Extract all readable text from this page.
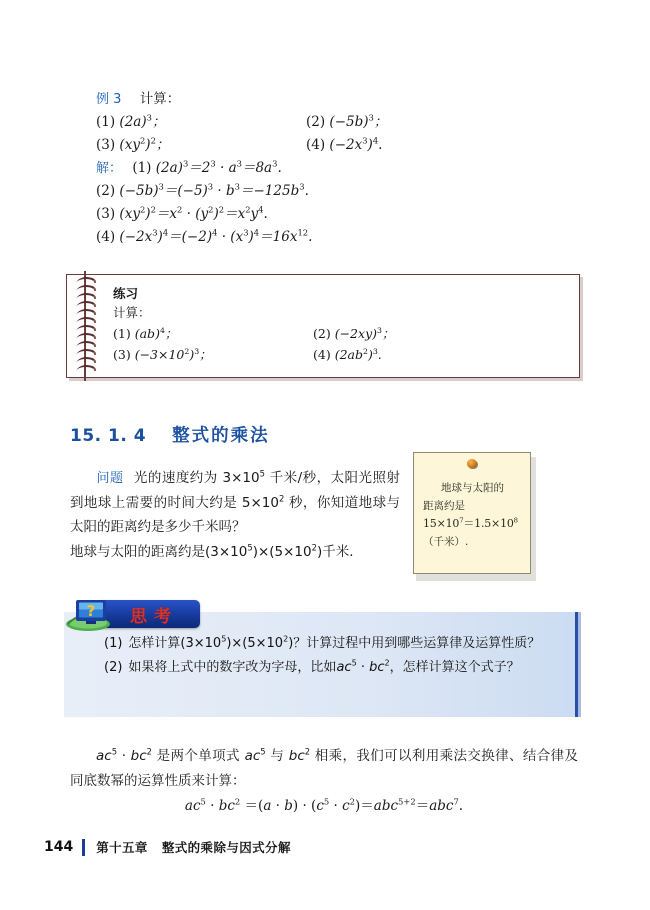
例 3 计算：
(1) $(2a)^3$；	(2) $(-5b)^3$；
(3) $(xy^2)^2$；	(4) $(-2x^3)^4$.
解： (1) $(2a)^3=2^3 \cdot a^3=8a^3$.
(2) $(-5b)^3=(-5)^3 \cdot b^3=-125b^3$.
(3) $(xy^2)^2=x^2 \cdot (y^2)^2=x^2y^4$.
(4) $(-2x^3)^4=(-2)^4 \cdot (x^3)^4=16x^{12}$.
练习
计算：
(1) (ab)$^4$；	(2) $(-2xy)^3$；
(3) $(-3\times 10^2)^3$；	(4) $(2ab^2)^3$.
15. 1. 4 整式的乘法
问题 光的速度约为 $3\times 10^5$ 千米/秒，太阳光照射到地球上需要的时间大约是 $5\times 10^2$ 秒，你知道地球与太阳的距离约是多少千米吗？
地球与太阳的距离约是$(3\times 10^5)\times(5\times 10^2)$千米.
地球与太阳的
距离约是
$15\times 10^7=1.5\times 10^8$
（千米）.
?	思考
(1) 怎样计算$(3\times 10^5)\times(5\times 10^2)$？计算过程中用到哪些运算律及运算性质？
(2) 如果将上式中的数字改为字母，比如$ac^5 \cdot bc^2$，怎样计算这个式子？
$ac^5 \cdot bc^2$ 是两个单项式 $ac^5$ 与 $bc^2$ 相乘，我们可以利用乘法交换律、结合律及同底数幂的运算性质来计算：
$ac^5 \cdot bc^2 =(a \cdot b) \cdot (c^5 \cdot c^2)=abc^{5+2}=abc^7$.
144	第十五章 整式的乘除与因式分解
